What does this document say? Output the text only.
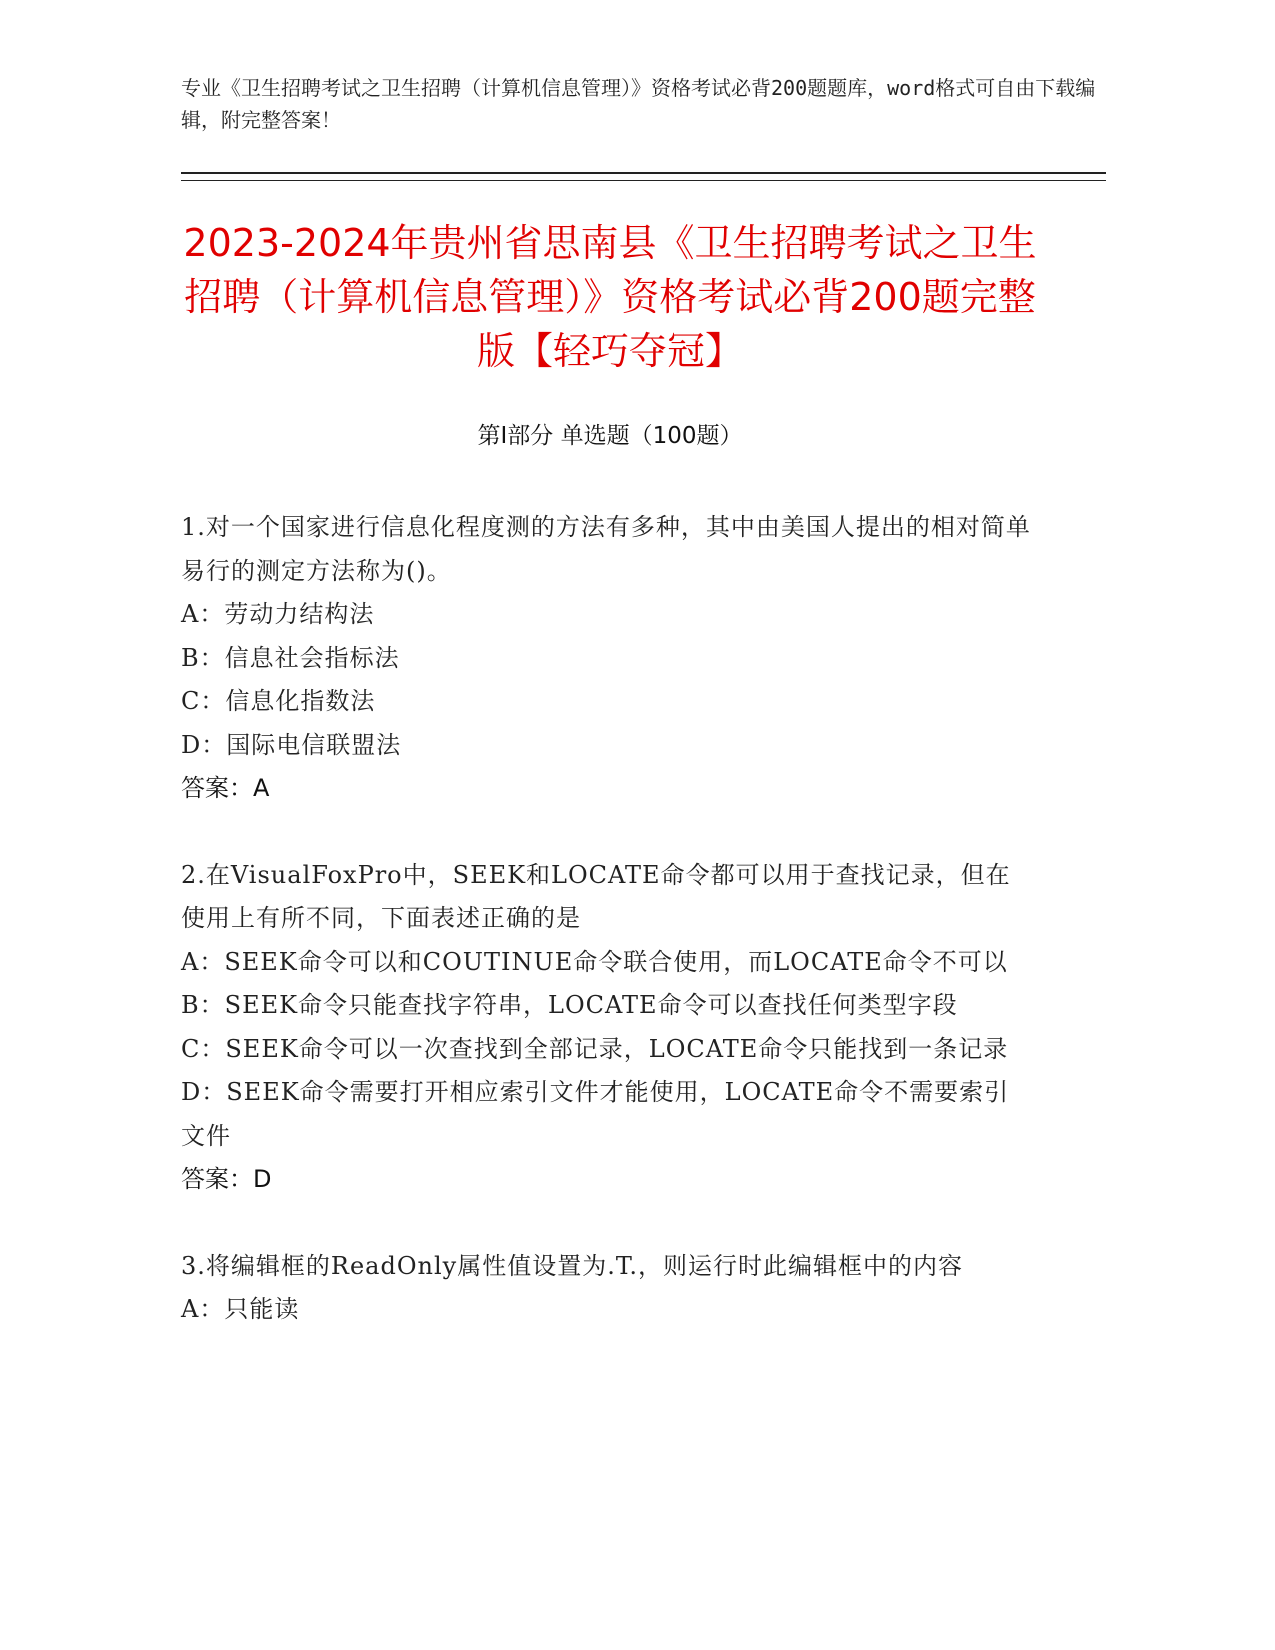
专业《卫生招聘考试之卫生招聘（计算机信息管理）》资格考试必背200题题库，word格式可自由下载编辑，附完整答案！
2023-2024年贵州省思南县《卫生招聘考试之卫生招聘（计算机信息管理）》资格考试必背200题完整版【轻巧夺冠】
第I部分 单选题（100题）
1.对一个国家进行信息化程度测的方法有多种，其中由美国人提出的相对简单易行的测定方法称为()。
A：劳动力结构法
B：信息社会指标法
C：信息化指数法
D：国际电信联盟法
答案：A
2.在VisualFoxPro中，SEEK和LOCATE命令都可以用于查找记录，但在使用上有所不同，下面表述正确的是
A：SEEK命令可以和COUTINUE命令联合使用，而LOCATE命令不可以
B：SEEK命令只能查找字符串，LOCATE命令可以查找任何类型字段
C：SEEK命令可以一次查找到全部记录，LOCATE命令只能找到一条记录
D：SEEK命令需要打开相应索引文件才能使用，LOCATE命令不需要索引文件
答案：D
3.将编辑框的ReadOnly属性值设置为.T.，则运行时此编辑框中的内容
A：只能读
